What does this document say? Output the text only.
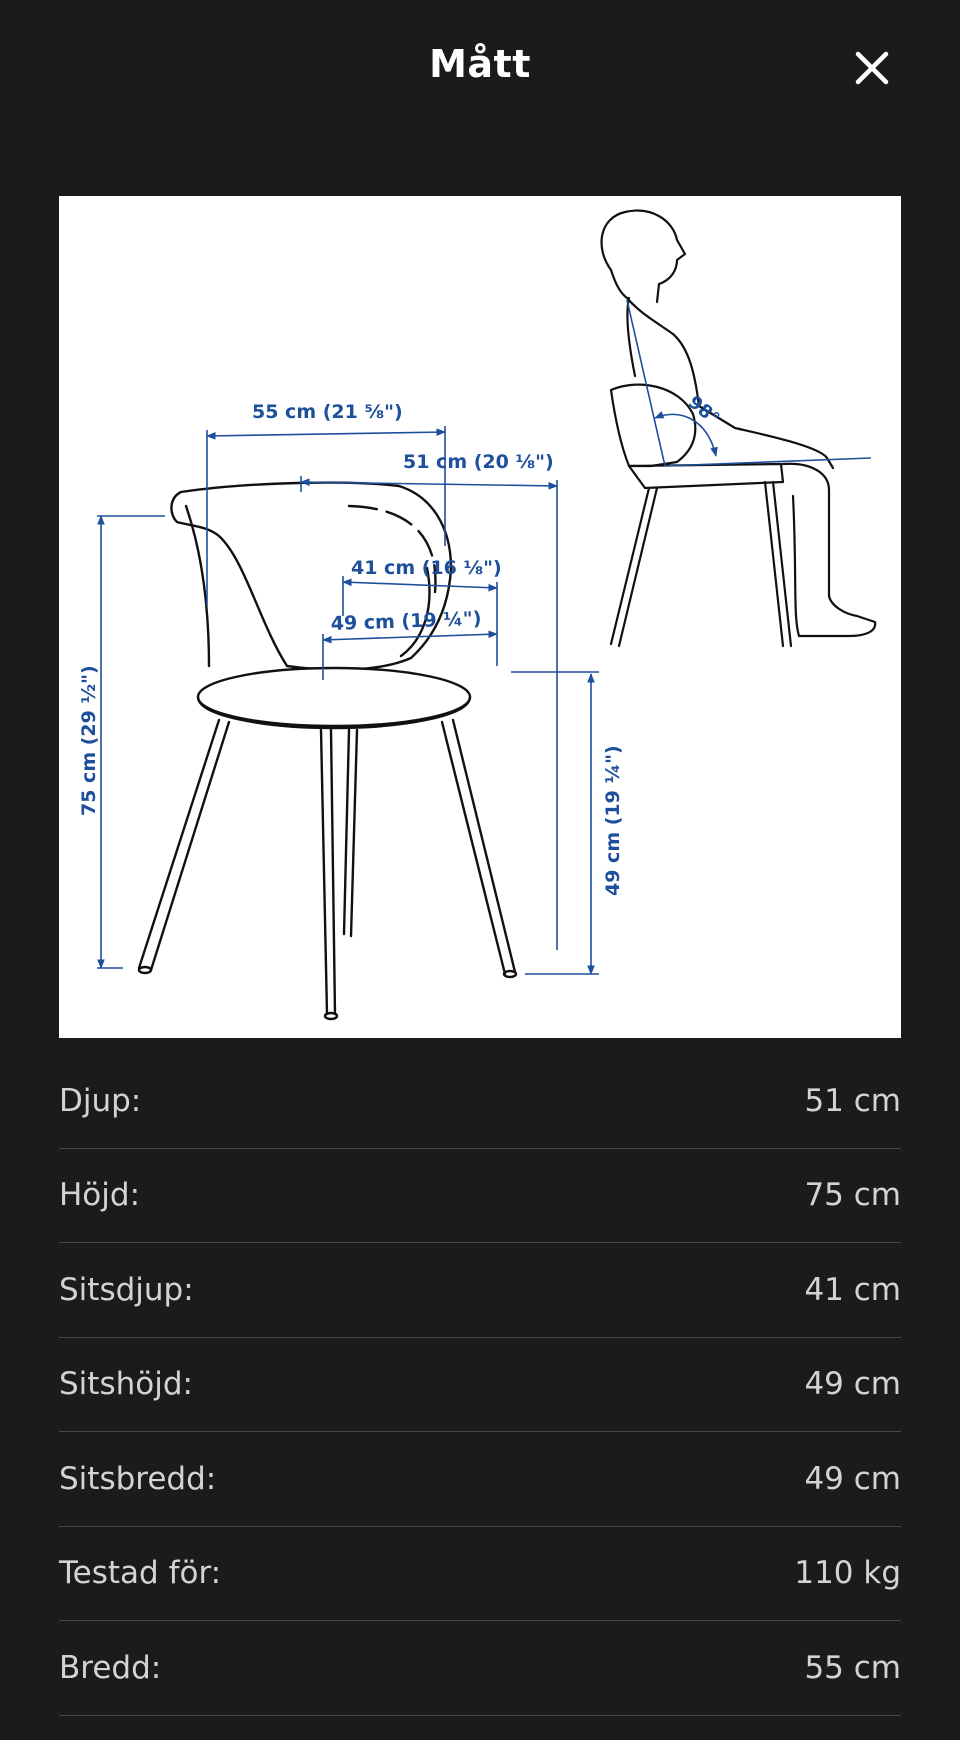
Mått
55 cm (21 ⅝")
51 cm (20 ⅛")
41 cm (16 ⅛")
49 cm (19 ¼")
75 cm (29 ½")
49 cm (19 ¼")
98°
Djup:	51 cm
Höjd:	75 cm
Sitsdjup:	41 cm
Sitshöjd:	49 cm
Sitsbredd:	49 cm
Testad för:	110 kg
Bredd:	55 cm
